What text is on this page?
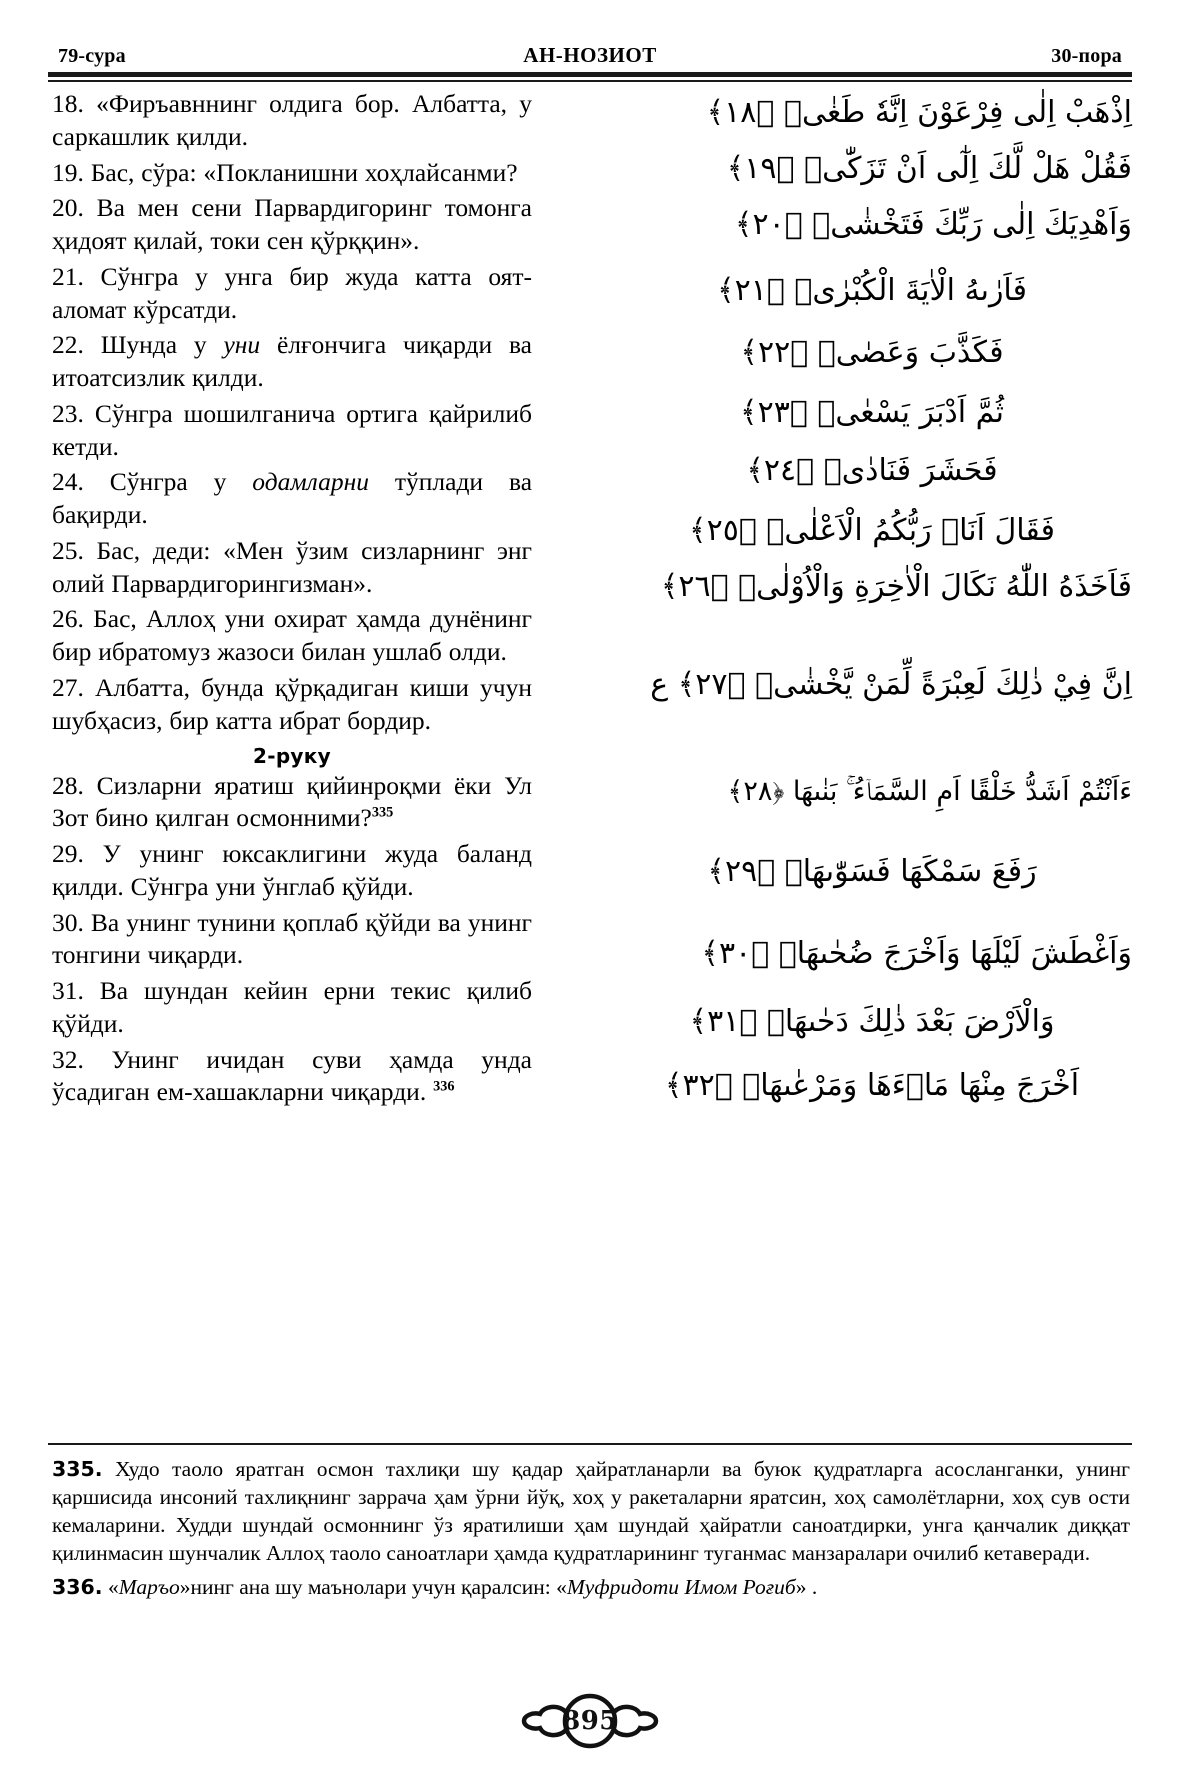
79-сура	АН-НОЗИОТ	30-пора

18. «Фиръавннинг олдига бор. Албатта, у саркашлик қилди.

19. Бас, сўра: «Покланишни хоҳлайсанми?

20. Ва мен сени Парвардигоринг томонга ҳидоят қилай, токи сен қўрққин».

21. Сўнгра у унга бир жуда катта оят-аломат кўрсатди.

22. Шунда у уни ёлғончига чиқарди ва итоатсизлик қилди.

23. Сўнгра шошилганича ортига қайрилиб кетди.

24. Сўнгра у одамларни тўплади ва бақирди.

25. Бас, деди: «Мен ўзим сизларнинг энг олий Парвардигорингизман».

26. Бас, Аллоҳ уни охират ҳамда дунёнинг бир ибратомуз жазоси билан ушлаб олди.

27. Албатта, бунда қўрқадиган киши учун шубҳасиз, бир катта ибрат бордир.

2-руку

28. Сизларни яратиш қийинроқми ёки Ул Зот бино қилган осмонними?$^{335}$

29. У унинг юксаклигини жуда баланд қилди. Сўнгра уни ўнглаб қўйди.

30. Ва унинг тунини қоплаб қўйди ва унинг тонгини чиқарди.

31. Ва шундан кейин ерни текис қилиб қўйди.

32. Унинг ичидан суви ҳамда унда ўсадиган ем-хашакларни чиқарди. $^{336}$

اِذْهَبْ اِلٰى فِرْعَوْنَ اِنَّهٗ طَغٰىۖ ﴿١٨﴾
فَقُلْ هَلْ لَّكَ اِلٰٓى اَنْ تَزَكّٰىۙ ﴿١٩﴾
وَاَهْدِيَكَ اِلٰى رَبِّكَ فَتَخْشٰىۚ ﴿٢٠﴾
فَاَرٰىهُ الْاٰيَةَ الْكُبْرٰىۖ ﴿٢١﴾
فَكَذَّبَ وَعَصٰىۖ ﴿٢٢﴾
ثُمَّ اَدْبَرَ يَسْعٰىۖ ﴿٢٣﴾
فَحَشَرَ فَنَادٰىۖ ﴿٢٤﴾
فَقَالَ اَنَا۠ رَبُّكُمُ الْاَعْلٰىۖ ﴿٢٥﴾
فَاَخَذَهُ اللّٰهُ نَكَالَ الْاٰخِرَةِ وَالْاُوْلٰىۗ ﴿٢٦﴾
اِنَّ فِيْ ذٰلِكَ لَعِبْرَةً لِّمَنْ يَّخْشٰىۗ ﴿٢٧﴾ ع
ءَاَنْتُمْ اَشَدُّ خَلْقًا اَمِ السَّمَاۤءُ ۚ بَنٰىهَا ﴿٢٨﴾
رَفَعَ سَمْكَهَا فَسَوّٰىهَاۙ ﴿٢٩﴾
وَاَغْطَشَ لَيْلَهَا وَاَخْرَجَ ضُحٰىهَاۖ ﴿٣٠﴾
وَالْاَرْضَ بَعْدَ ذٰلِكَ دَحٰىهَاۗ ﴿٣١﴾
اَخْرَجَ مِنْهَا مَاۤءَهَا وَمَرْعٰىهَاۖ ﴿٣٢﴾

335. Худо таоло яратган осмон тахлиқи шу қадар ҳайратланарли ва буюк қудратларга асосланганки, унинг қаршисида инсоний тахлиқнинг заррача ҳам ўрни йўқ, хоҳ у ракеталарни яратсин, хоҳ самолётларни, хоҳ сув ости кемаларини. Худди шундай осмоннинг ўз яратилиши ҳам шундай ҳайратли саноатдирки, унга қанчалик диққат қилинмасин шунчалик Аллоҳ таоло саноатлари ҳамда қудратларининг туганмас манзаралари очилиб кетаверади.

336. «Маръо»нинг ана шу маънолари учун қаралсин: «Муфридоти Имом Роғиб» .

895
